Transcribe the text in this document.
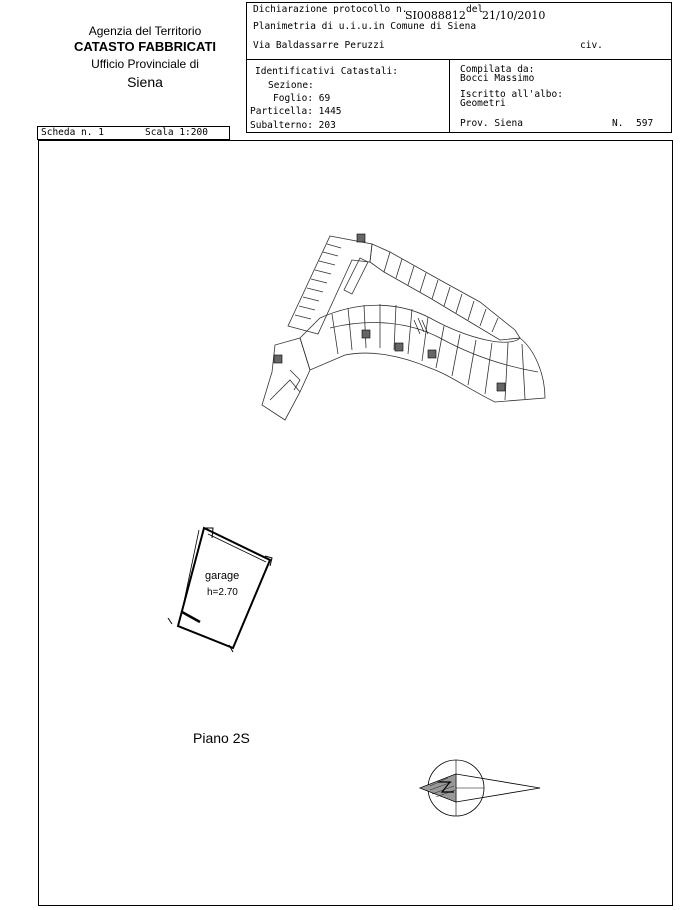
Agenzia del Territorio
CATASTO FABBRICATI
Ufficio Provinciale di
Siena
Dichiarazione protocollo n.
SI0088812 del
21/10/2010
Planimetria di u.i.u.in Comune di Siena
Via Baldassarre Peruzzi	civ.
Identificativi Catastali:
Sezione:
Foglio: 69
Particella: 1445
Subalterno: 203
Compilata da:
Bocci Massimo
Iscritto all'albo:
Geometri
Prov. Siena	N. 597
Scheda n. 1	Scala 1:200
garage
h=2.70
Piano 2S
